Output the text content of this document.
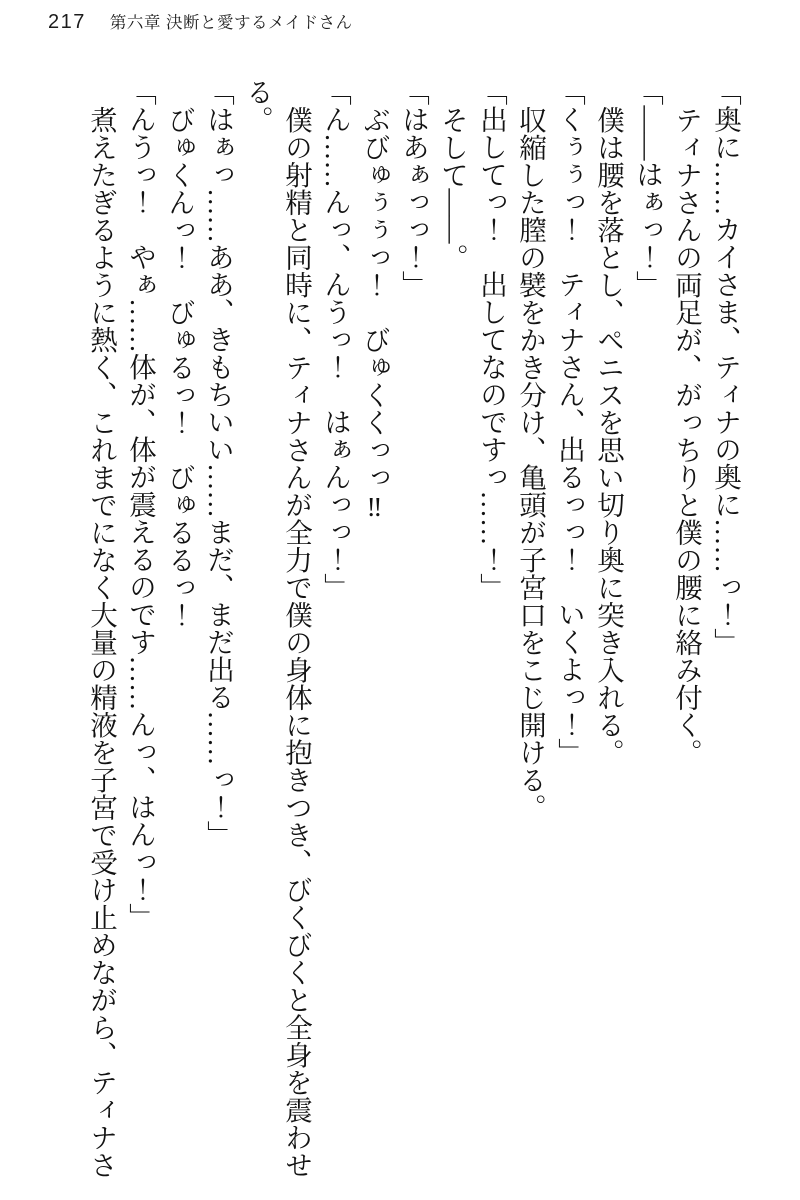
217 第六章 決断と愛するメイドさん

「奥に……カイさま、ティナの奥に……っ！」

ティナさんの両足が、がっちりと僕の腰に絡み付く。

「――はぁっ！」

僕は腰を落とし、ペニスを思い切り奥に突き入れる。

「くぅぅっ！　ティナさん、出るっっ！　いくよっ！」

収縮した膣の襞をかき分け、亀頭が子宮口をこじ開ける。

「出してっ！　出してなのですっ……！」

そして――。

「はあぁっっ！」

ぶびゅぅぅっ！　びゅくくっっ‼

「ん……んっ、んうっ！　はぁんっっ！」

僕の射精と同時に、ティナさんが全力で僕の身体に抱きつき、びくびくと全身を震わせる。

「はぁっ……ああ、きもちいい……まだ、まだ出る……っ！」

びゅくんっ！　びゅるっ！　びゅるるっ！

「んうっ！　やぁ……体が、体が震えるのです……んっ、はんっ！」

煮えたぎるように熱く、これまでになく大量の精液を子宮で受け止めながら、ティナさ
